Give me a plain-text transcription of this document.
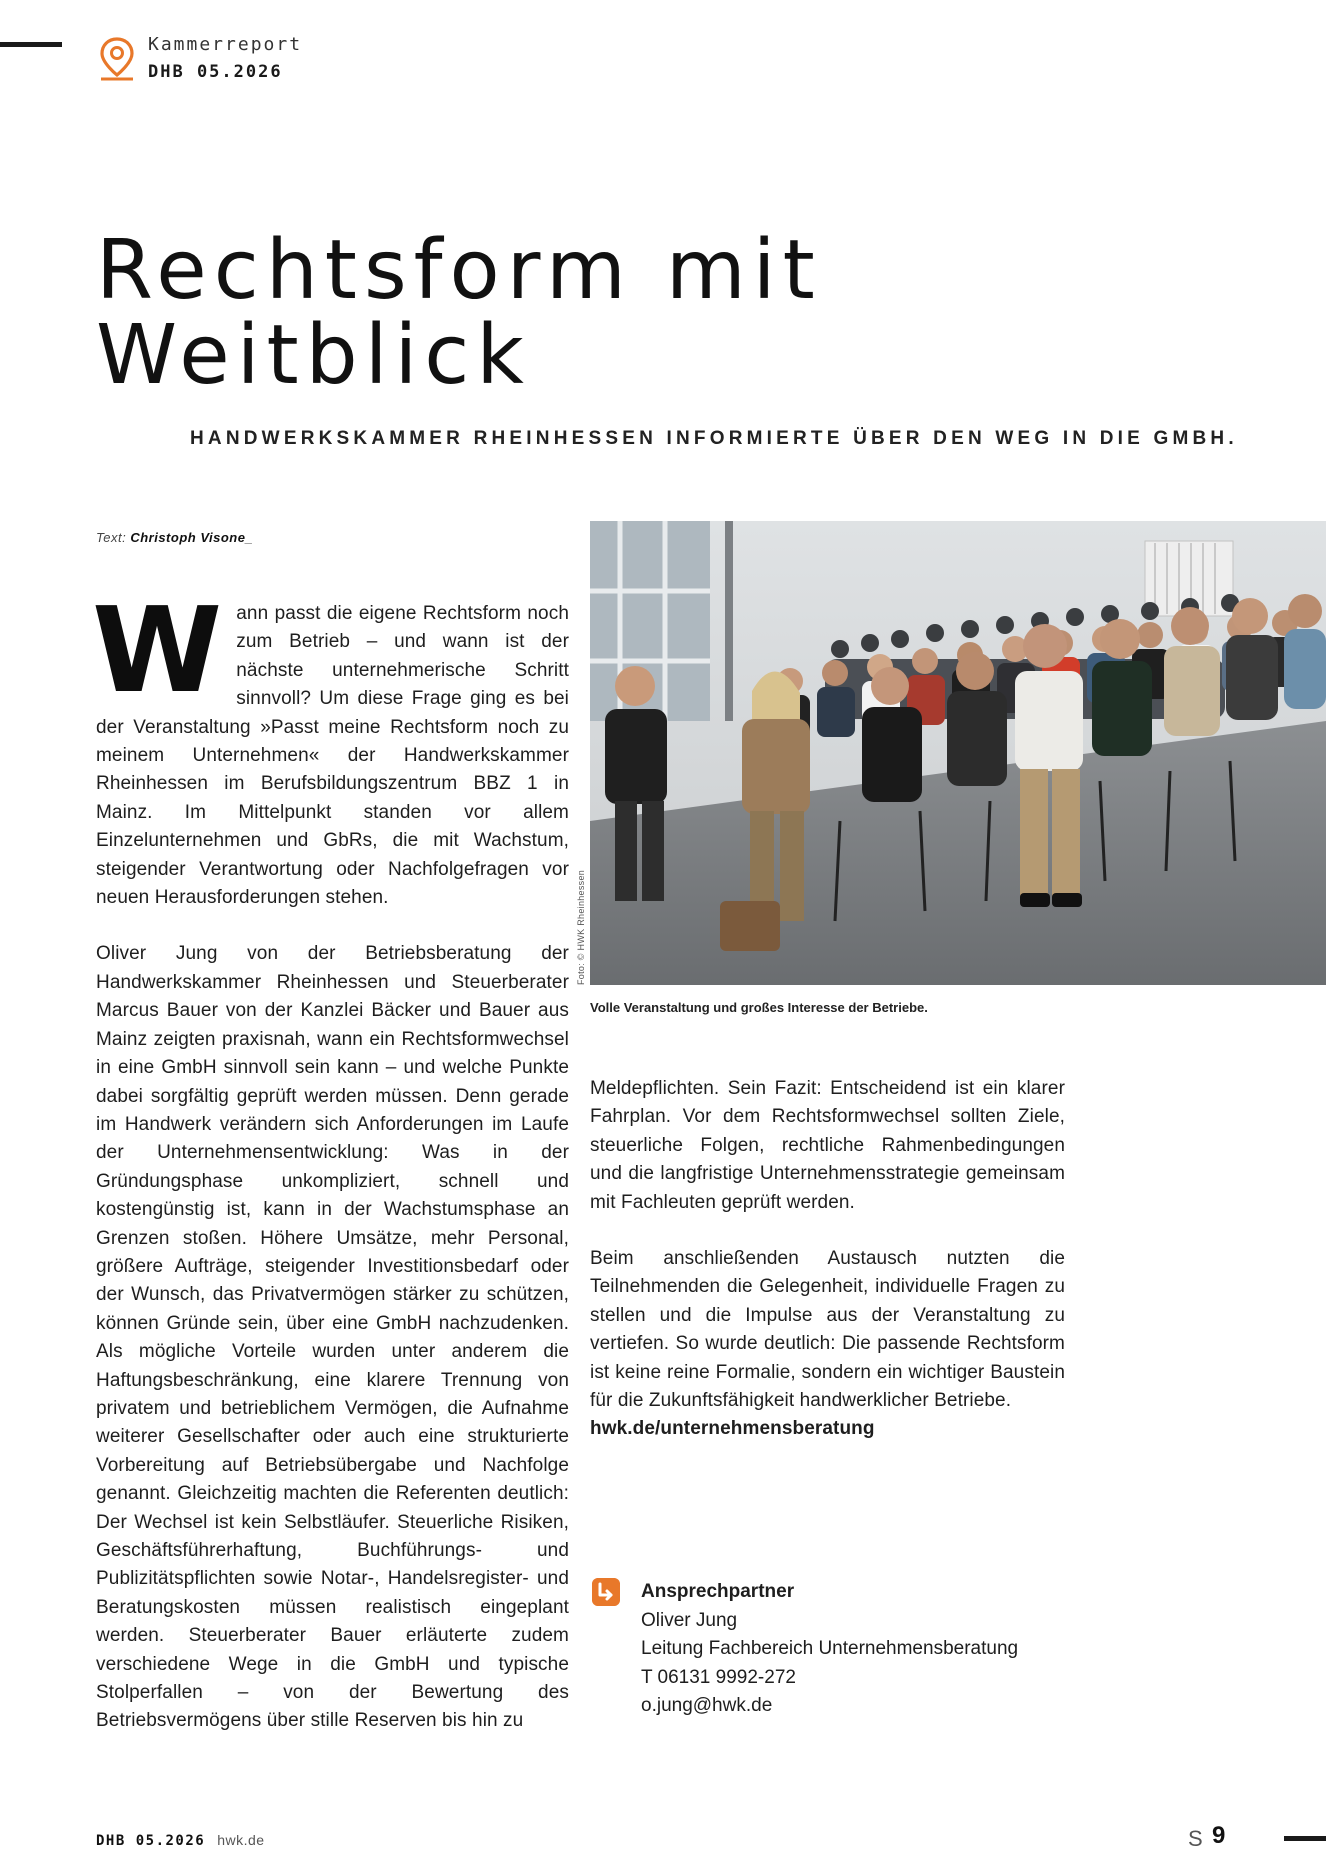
Kammerreport
DHB 05.2026
Rechtsform mit
Weitblick
HANDWERKSKAMMER RHEINHESSEN INFORMIERTE ÜBER DEN WEG IN DIE GMBH.
Text: Christoph Visone_

Wann passt die eigene Rechtsform noch zum Betrieb – und wann ist der nächste unternehmerische Schritt sinnvoll? Um diese Frage ging es bei der Veranstaltung »Passt meine Rechtsform noch zu meinem Unternehmen« der Handwerkskammer Rheinhessen im Berufsbildungszentrum BBZ 1 in Mainz. Im Mittelpunkt standen vor allem Einzelunternehmen und GbRs, die mit Wachstum, steigender Verantwortung oder Nachfolgefragen vor neuen Herausforderungen stehen.

Oliver Jung von der Betriebsberatung der Handwerkskammer Rheinhessen und Steuerberater Marcus Bauer von der Kanzlei Bäcker und Bauer aus Mainz zeigten praxisnah, wann ein Rechtsformwechsel in eine GmbH sinnvoll sein kann – und welche Punkte dabei sorgfältig geprüft werden müssen. Denn gerade im Handwerk verändern sich Anforderungen im Laufe der Unternehmensentwicklung: Was in der Gründungsphase unkompliziert, schnell und kostengünstig ist, kann in der Wachstumsphase an Grenzen stoßen. Höhere Umsätze, mehr Personal, größere Aufträge, steigender Investitionsbedarf oder der Wunsch, das Privatvermögen stärker zu schützen, können Gründe sein, über eine GmbH nachzudenken. Als mögliche Vorteile wurden unter anderem die Haftungsbeschränkung, eine klarere Trennung von privatem und betrieblichem Vermögen, die Aufnahme weiterer Gesellschafter oder auch eine strukturierte Vorbereitung auf Betriebsübergabe und Nachfolge genannt. Gleichzeitig machten die Referenten deutlich: Der Wechsel ist kein Selbstläufer. Steuerliche Risiken, Geschäftsführerhaftung, Buchführungs- und Publizitätspflichten sowie Notar-, Handelsregister- und Beratungskosten müssen realistisch eingeplant werden. Steuerberater Bauer erläuterte zudem verschiedene Wege in die GmbH und typische Stolperfallen – von der Bewertung des Betriebsvermögens über stille Reserven bis hin zu

Foto: © HWK Rheinhessen
Volle Veranstaltung und großes Interesse der Betriebe.

Meldepflichten. Sein Fazit: Entscheidend ist ein klarer Fahrplan. Vor dem Rechtsformwechsel sollten Ziele, steuerliche Folgen, rechtliche Rahmenbedingungen und die langfristige Unternehmensstrategie gemeinsam mit Fachleuten geprüft werden.

Beim anschließenden Austausch nutzten die Teilnehmenden die Gelegenheit, individuelle Fragen zu stellen und die Impulse aus der Veranstaltung zu vertiefen. So wurde deutlich: Die passende Rechtsform ist keine reine Formalie, sondern ein wichtiger Baustein für die Zukunftsfähigkeit handwerklicher Betriebe.
hwk.de/unternehmensberatung

Ansprechpartner
Oliver Jung
Leitung Fachbereich Unternehmensberatung
T 06131 9992-272
o.jung@hwk.de
DHB 05.2026 hwk.de	S 9
